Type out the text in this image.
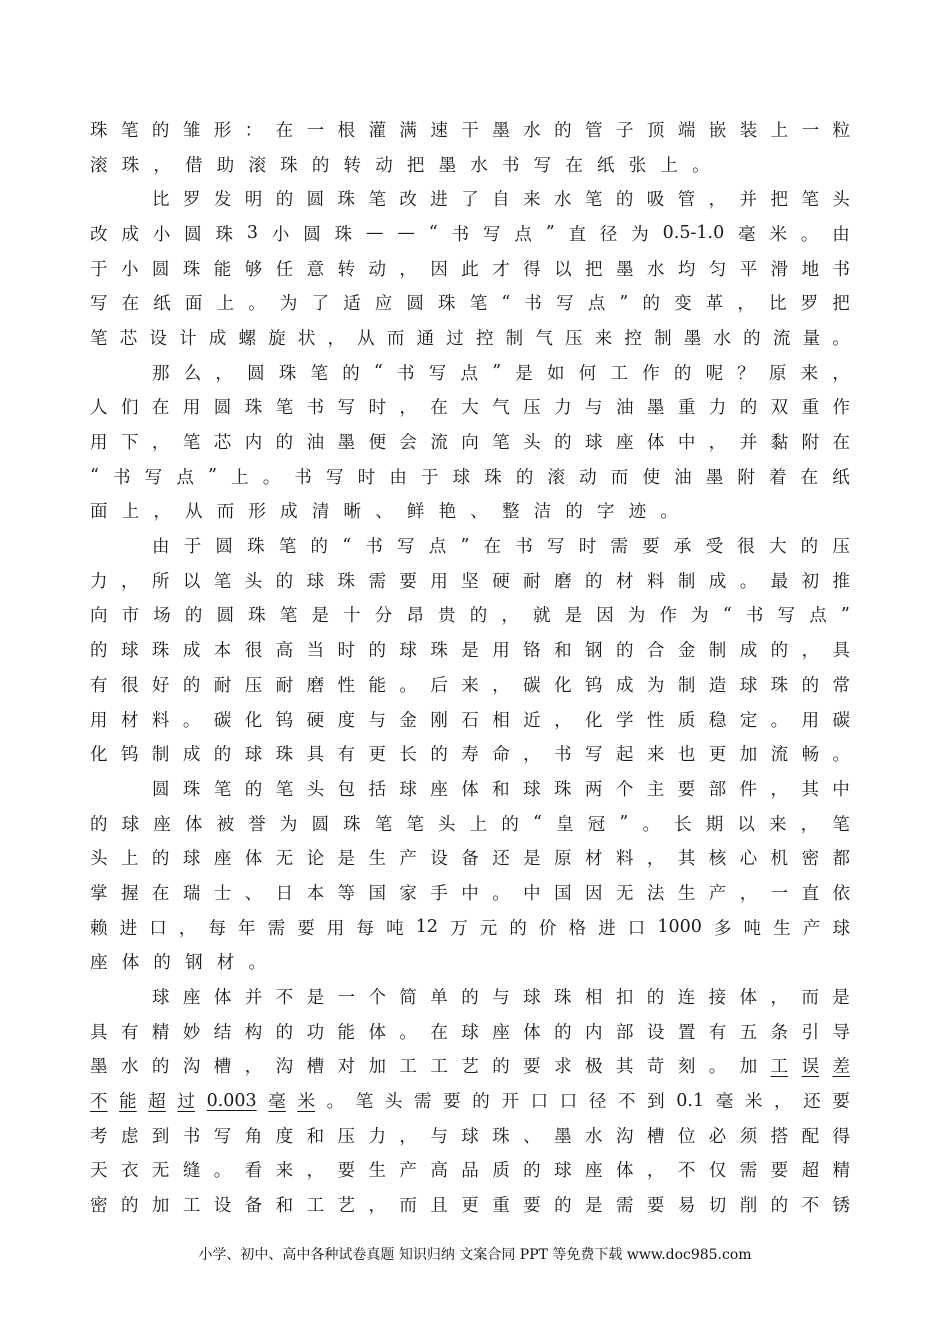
珠 笔 的 雏 形 ： 在 一 根 灌 满 速 干 墨 水 的 管 子 顶 端 嵌 装 上 一 粒
滚 珠 ， 借 助 滚 珠 的 转 动 把 墨 水 书 写 在 纸 张 上 。
比 罗 发 明 的 圆 珠 笔 改 进 了 自 来 水 笔 的 吸 管 ， 并 把 笔 头
改 成 小 圆 珠 3 小 圆 珠 — — “ 书 写 点 ” 直 径 为 0.5-1.0 毫 米 。 由
于 小 圆 珠 能 够 任 意 转 动 ， 因 此 才 得 以 把 墨 水 均 匀 平 滑 地 书
写 在 纸 面 上 。 为 了 适 应 圆 珠 笔 “ 书 写 点 ” 的 变 革 ， 比 罗 把
笔 芯 设 计 成 螺 旋 状 ， 从 而 通 过 控 制 气 压 来 控 制 墨 水 的 流 量 。
那 么 ， 圆 珠 笔 的 “ 书 写 点 ” 是 如 何 工 作 的 呢 ？ 原 来 ，
人 们 在 用 圆 珠 笔 书 写 时 ， 在 大 气 压 力 与 油 墨 重 力 的 双 重 作
用 下 ， 笔 芯 内 的 油 墨 便 会 流 向 笔 头 的 球 座 体 中 ， 并 黏 附 在
“ 书 写 点 ” 上 。 书 写 时 由 于 球 珠 的 滚 动 而 使 油 墨 附 着 在 纸
面 上 ， 从 而 形 成 清 晰 、 鲜 艳 、 整 洁 的 字 迹 。
由 于 圆 珠 笔 的 “ 书 写 点 ” 在 书 写 时 需 要 承 受 很 大 的 压
力 ， 所 以 笔 头 的 球 珠 需 要 用 坚 硬 耐 磨 的 材 料 制 成 。 最 初 推
向 市 场 的 圆 珠 笔 是 十 分 昂 贵 的 ， 就 是 因 为 作 为 “ 书 写 点 ”
的 球 珠 成 本 很 高 当 时 的 球 珠 是 用 铬 和 钢 的 合 金 制 成 的 ， 具
有 很 好 的 耐 压 耐 磨 性 能 。 后 来 ， 碳 化 钨 成 为 制 造 球 珠 的 常
用 材 料 。 碳 化 钨 硬 度 与 金 刚 石 相 近 ， 化 学 性 质 稳 定 。 用 碳
化 钨 制 成 的 球 珠 具 有 更 长 的 寿 命 ， 书 写 起 来 也 更 加 流 畅 。
圆 珠 笔 的 笔 头 包 括 球 座 体 和 球 珠 两 个 主 要 部 件 ， 其 中
的 球 座 体 被 誉 为 圆 珠 笔 笔 头 上 的 “ 皇 冠 ” 。 长 期 以 来 ， 笔
头 上 的 球 座 体 无 论 是 生 产 设 备 还 是 原 材 料 ， 其 核 心 机 密 都
掌 握 在 瑞 士 、 日 本 等 国 家 手 中 。 中 国 因 无 法 生 产 ， 一 直 依
赖 进 口 ， 每 年 需 要 用 每 吨 12 万 元 的 价 格 进 口 1000 多 吨 生 产 球
座 体 的 钢 材 。
球 座 体 并 不 是 一 个 简 单 的 与 球 珠 相 扣 的 连 接 体 ， 而 是
具 有 精 妙 结 构 的 功 能 体 。 在 球 座 体 的 内 部 设 置 有 五 条 引 导
墨 水 的 沟 槽 ， 沟 槽 对 加 工 工 艺 的 要 求 极 其 苛 刻 。 加 工 误 差
不 能 超 过 0.003 毫 米 。 笔 头 需 要 的 开 口 口 径 不 到 0.1 毫 米 ， 还 要
考 虑 到 书 写 角 度 和 压 力 ， 与 球 珠 、 墨 水 沟 槽 位 必 须 搭 配 得
天 衣 无 缝 。 看 来 ， 要 生 产 高 品 质 的 球 座 体 ， 不 仅 需 要 超 精
密 的 加 工 设 备 和 工 艺 ， 而 且 更 重 要 的 是 需 要 易 切 削 的 不 锈
小学、初中、高中各种试卷真题 知识归纳 文案合同 PPT 等免费下载 www.doc985.com
